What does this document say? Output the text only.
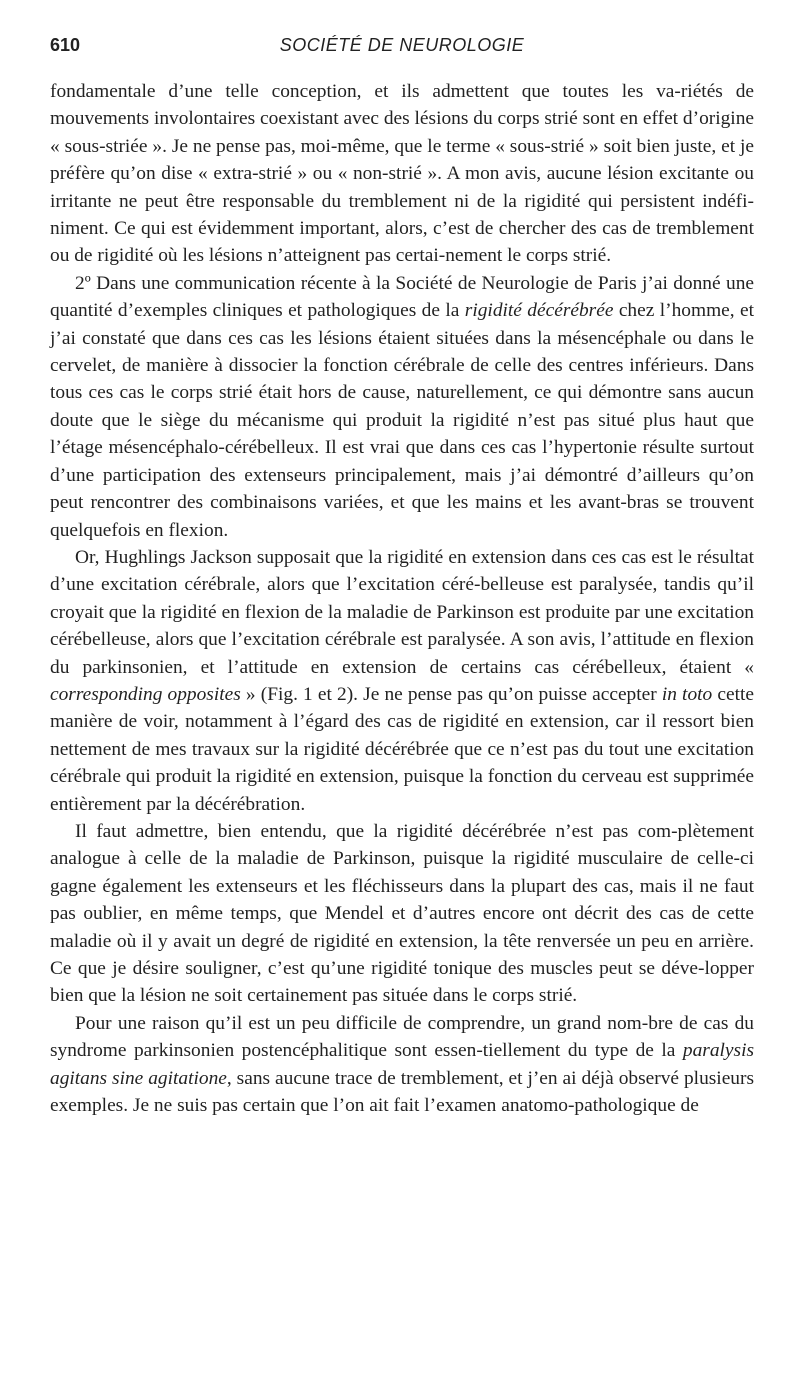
610	SOCIÉTÉ DE NEUROLOGIE

fondamentale d’une telle conception, et ils admettent que toutes les va-riétés de mouvements involontaires coexistant avec des lésions du corps strié sont en effet d’origine « sous-striée ». Je ne pense pas, moi-même, que le terme « sous-strié » soit bien juste, et je préfère qu’on dise « extra-strié » ou « non-strié ». A mon avis, aucune lésion excitante ou irritante ne peut être responsable du tremblement ni de la rigidité qui persistent indéfi-niment. Ce qui est évidemment important, alors, c’est de chercher des cas de tremblement ou de rigidité où les lésions n’atteignent pas certai-nement le corps strié.

2º Dans une communication récente à la Société de Neurologie de Paris j’ai donné une quantité d’exemples cliniques et pathologiques de la rigidité décérébrée chez l’homme, et j’ai constaté que dans ces cas les lésions étaient situées dans la mésencéphale ou dans le cervelet, de manière à dissocier la fonction cérébrale de celle des centres inférieurs. Dans tous ces cas le corps strié était hors de cause, naturellement, ce qui démontre sans aucun doute que le siège du mécanisme qui produit la rigidité n’est pas situé plus haut que l’étage mésencéphalo-cérébelleux. Il est vrai que dans ces cas l’hypertonie résulte surtout d’une participation des extenseurs principalement, mais j’ai démontré d’ailleurs qu’on peut rencontrer des combinaisons variées, et que les mains et les avant-bras se trouvent quelquefois en flexion.

Or, Hughlings Jackson supposait que la rigidité en extension dans ces cas est le résultat d’une excitation cérébrale, alors que l’excitation céré-belleuse est paralysée, tandis qu’il croyait que la rigidité en flexion de la maladie de Parkinson est produite par une excitation cérébelleuse, alors que l’excitation cérébrale est paralysée. A son avis, l’attitude en flexion du parkinsonien, et l’attitude en extension de certains cas cérébelleux, étaient « corresponding opposites » (Fig. 1 et 2). Je ne pense pas qu’on puisse accepter in toto cette manière de voir, notamment à l’égard des cas de rigidité en extension, car il ressort bien nettement de mes travaux sur la rigidité décérébrée que ce n’est pas du tout une excitation cérébrale qui produit la rigidité en extension, puisque la fonction du cerveau est supprimée entièrement par la décérébration.

Il faut admettre, bien entendu, que la rigidité décérébrée n’est pas com-plètement analogue à celle de la maladie de Parkinson, puisque la rigidité musculaire de celle-ci gagne également les extenseurs et les fléchisseurs dans la plupart des cas, mais il ne faut pas oublier, en même temps, que Mendel et d’autres encore ont décrit des cas de cette maladie où il y avait un degré de rigidité en extension, la tête renversée un peu en arrière. Ce que je désire souligner, c’est qu’une rigidité tonique des muscles peut se déve-lopper bien que la lésion ne soit certainement pas située dans le corps strié.

Pour une raison qu’il est un peu difficile de comprendre, un grand nom-bre de cas du syndrome parkinsonien postencéphalitique sont essen-tiellement du type de la paralysis agitans sine agitatione, sans aucune trace de tremblement, et j’en ai déjà observé plusieurs exemples. Je ne suis pas certain que l’on ait fait l’examen anatomo-pathologique de
